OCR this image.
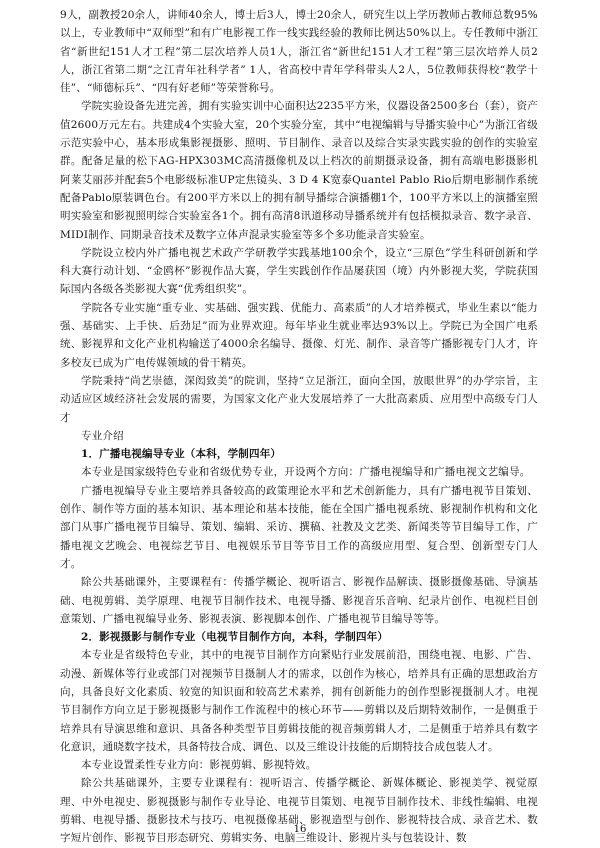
9人，副教授20余人，讲师40余人，博士后3人，博士20余人，研究生以上学历教师占教师总数95%以上，专业教师中“双师型”和有广电影视工作一线实践经验的教师比例达50%以上。专任教师中浙江省“新世纪151人才工程”第二层次培养人员1人，浙江省“新世纪151人才工程”第三层次培养人员2人，浙江省第二期“之江青年社科学者” 1人，省高校中青年学科带头人2人，5位教师获得校“教学十佳”、“师德标兵”、“四有好老师”等荣誉称号。

学院实验设备先进完善，拥有实验实训中心面积达2235平方米，仪器设备2500多台（套），资产值2600万元左右。共建成4个实验大室，20个实验分室，其中“电视编辑与导播实验中心”为浙江省级示范实验中心，基本形成集影视摄影、照明、节目制作、录音以及综合实录实践实验的创作的实验室群。配备足量的松下AG-HPX303MC高清摄像机及以上档次的前期摄录设备，拥有高端电影摄影机阿莱艾丽莎并配套5个电影级标准UP定焦镜头、3 D 4 K宽泰Quantel Pablo Rio后期电影制作系统配备Pablo原装调色台。有200平方米以上的拥有制导播综合演播棚1个，100平方米以上的演播室照明实验室和影视照明综合实验室各1个。拥有高清8讯道移动导播系统并有包括模拟录音、数字录音、MIDI制作、同期录音技术及数字立体声混录实验室等多个多功能录音实验室。

学院设立校内外广播电视艺术政产学研教学实践基地100余个，设立“三原色”学生科研创新和学科大赛行动计划、“金鸥杯”影视作品大赛，学生实践创作作品屡获国（境）内外影视大奖，学院获国际国内各级各类影视大赛“优秀组织奖”。

学院各专业实施“重专业、实基础、强实践、优能力、高素质”的人才培养模式，毕业生素以“能力强、基础实、上手快、后劲足”而为业界欢迎。每年毕业生就业率达93%以上。学院已为全国广电系统、影视界和文化产业机构输送了4000余名编导、摄像、灯光、制作、录音等广播影视专门人才，许多校友已成为广电传媒领域的骨干精英。

学院秉持“尚艺崇德，深闳致美”的院训，坚持“立足浙江，面向全国，放眼世界”的办学宗旨，主动适应区域经济社会发展的需要，为国家文化产业大发展培养了一大批高素质、应用型中高级专门人才

专业介绍

1．广播电视编导专业（本科，学制四年）

本专业是国家级特色专业和省级优势专业，开设两个方向：广播电视编导和广播电视文艺编导。

广播电视编导专业主要培养具备较高的政策理论水平和艺术创新能力，具有广播电视节目策划、创作、制作等方面的基本知识、基本理论和基本技能，能在全国广播电视系统、影视制作机构和文化部门从事广播电视节目编导、策划、编辑、采访、撰稿、社教及文艺类、新闻类等节目编导工作，广播电视文艺晚会、电视综艺节目、电视娱乐节目等节目工作的高级应用型、复合型、创新型专门人才。

除公共基础课外，主要课程有：传播学概论、视听语言、影视作品解读、摄影摄像基础、导演基础、电视剪辑、美学原理、电视节目制作技术、电视导播、影视音乐音响、纪录片创作、电视栏目创意策划、广播电视编导业务、影视表演、影视脚本创作、广播电视节目编导等等。

2．影视摄影与制作专业（电视节目制作方向，本科，学制四年）

本专业是省级特色专业，其中的电视节目制作方向紧贴行业发展前沿，围绕电视、电影、广告、动漫、新媒体等行业或部门对视频节目摄制人才的需求，以创作为核心，培养具有正确的思想政治方向，具备良好文化素质、较宽的知识面和较高艺术素养，拥有创新能力的创作型影视摄制人才。电视节目制作方向立足于影视摄影与制作工作流程中的核心环节——剪辑以及后期特效制作，一是侧重于培养具有导演思维和意识、具备各种类型节目剪辑技能的视音频剪辑人才，二是侧重于培养具有数字化意识，通晓数字技术，具备特技合成、调色、以及三维设计技能的后期特技合成包装人才。

本专业设置柔性专业方向：影视剪辑、影视特效。

除公共基础课外，主要专业课程有：视听语言、传播学概论、新媒体概论、影视美学、视觉原理、中外电视史、影视摄影与制作专业导论、电视节目策划、电视节目制作技术、非线性编辑、电视剪辑、电视导播、摄影技术与技巧、电视摄像基础、影视造型与创作、影视特技合成、录音艺术、数字短片创作、影视节目形态研究、剪辑实务、电脑三维设计、影视片头与包装设计、数

16
